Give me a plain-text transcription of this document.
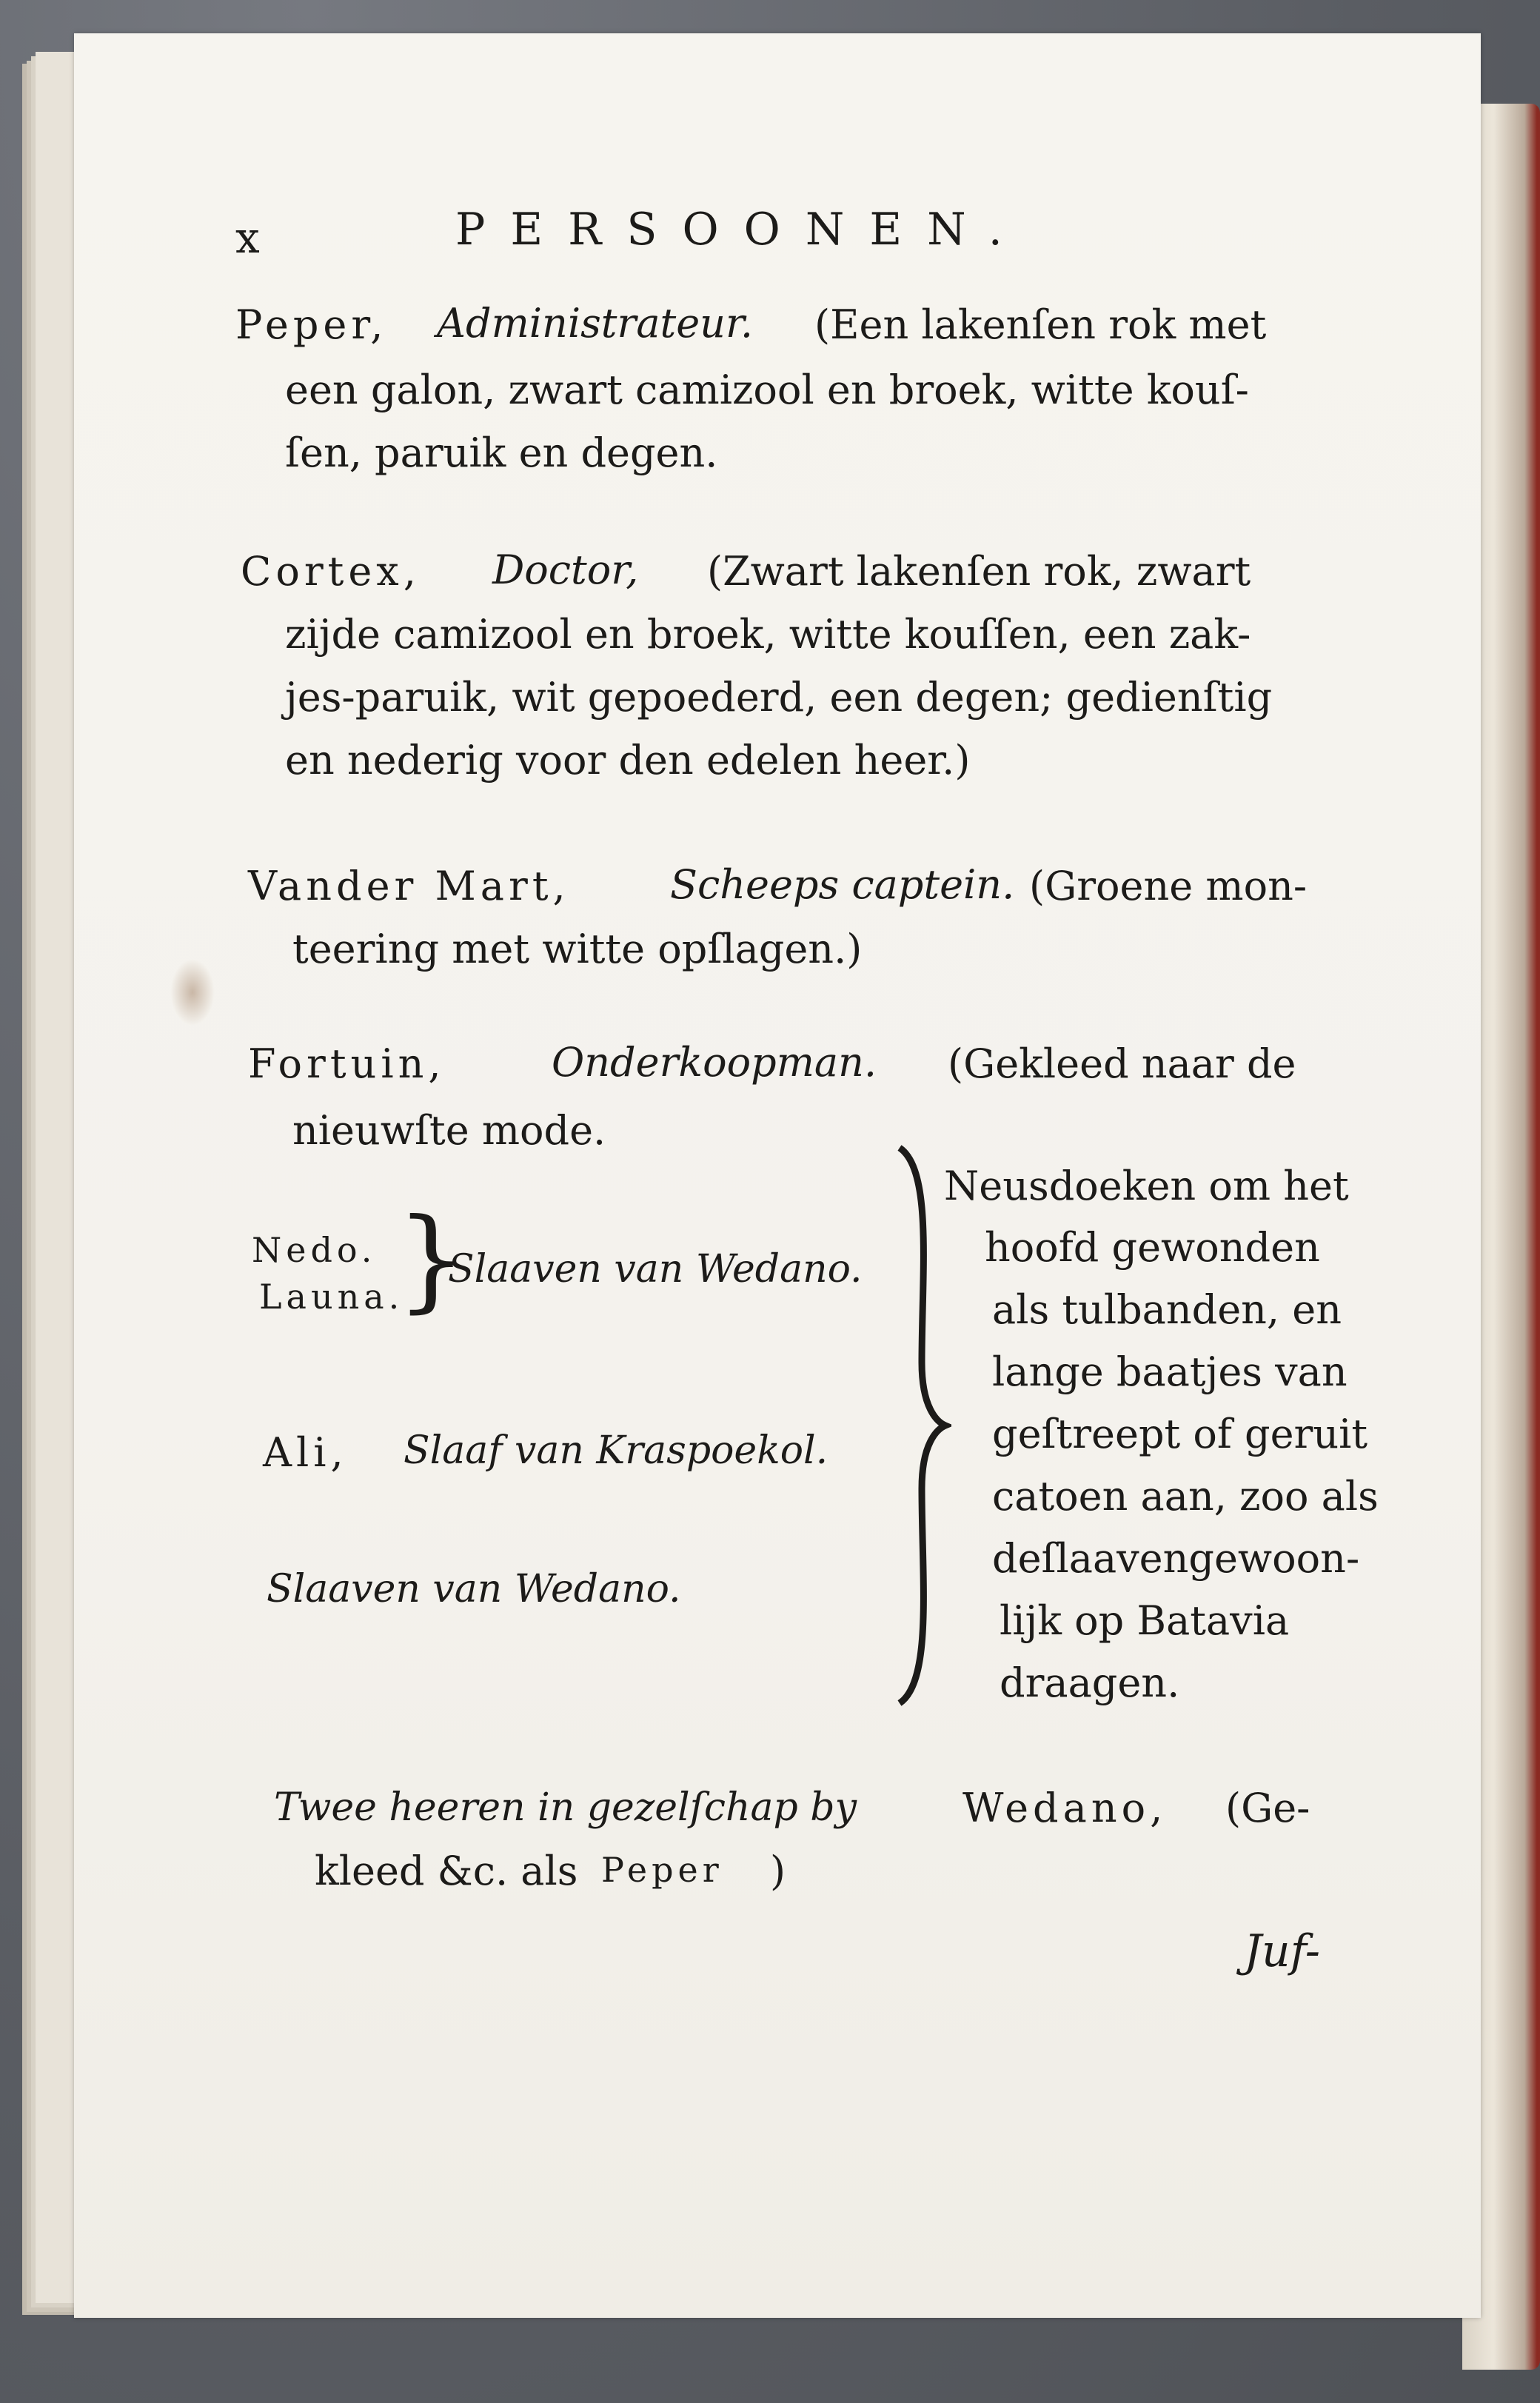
x	PERSOONEN.
Peper, Administrateur. (Een lakenſen rok met
een galon, zwart camizool en broek, witte kouſ-
ſen, paruik en degen.
Cortex, Doctor, (Zwart lakenſen rok, zwart
zijde camizool en broek, witte kouſſen, een zak-
jes-paruik, wit gepoederd, een degen; gedienſtig
en nederig voor den edelen heer.)
Vander Mart,	Scheeps captein. (Groene mon-
teering met witte opſlagen.)
Fortuin,	Onderkoopman. (Gekleed naar de
nieuwſte mode.
Nedo.
Launa.
}
Slaaven van Wedano.
Ali, Slaaf van Kraspoekol.
Slaaven van Wedano.
Neusdoeken om het
hoofd gewonden
als tulbanden, en
lange baatjes van
geſtreept of geruit
catoen aan, zoo als
deſlaavengewoon-
lijk op Batavia
draagen.
Twee heeren in gezelſchap by	Wedano, (Ge-
kleed &c. als Peper )
Juf-
